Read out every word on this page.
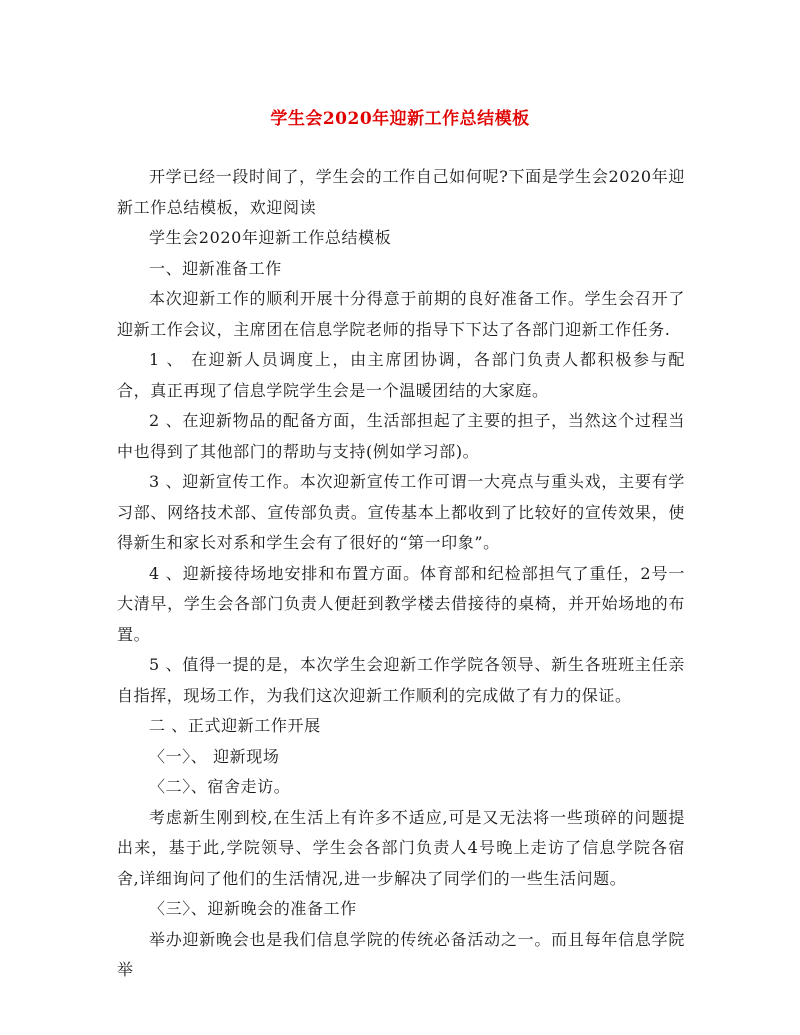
学生会2020年迎新工作总结模板

开学已经一段时间了，学生会的工作自己如何呢?下面是学生会2020年迎新工作总结模板，欢迎阅读

学生会2020年迎新工作总结模板

一、迎新准备工作

本次迎新工作的顺利开展十分得意于前期的良好准备工作。学生会召开了迎新工作会议，主席团在信息学院老师的指导下下达了各部门迎新工作任务.

1 、 在迎新人员调度上，由主席团协调，各部门负责人都积极参与配合，真正再现了信息学院学生会是一个温暖团结的大家庭。

2 、在迎新物品的配备方面，生活部担起了主要的担子，当然这个过程当中也得到了其他部门的帮助与支持(例如学习部)。

3 、迎新宣传工作。本次迎新宣传工作可谓一大亮点与重头戏，主要有学习部、网络技术部、宣传部负责。宣传基本上都收到了比较好的宣传效果，使得新生和家长对系和学生会有了很好的“第一印象”。

4 、迎新接待场地安排和布置方面。体育部和纪检部担气了重任，2号一大清早，学生会各部门负责人便赶到教学楼去借接待的桌椅，并开始场地的布置。

5 、值得一提的是，本次学生会迎新工作学院各领导、新生各班班主任亲自指挥，现场工作，为我们这次迎新工作顺利的完成做了有力的保证。

二 、正式迎新工作开展

〈一〉、 迎新现场

〈二〉、宿舍走访。

考虑新生刚到校,在生活上有许多不适应,可是又无法将一些琐碎的问题提出来，基于此,学院领导、学生会各部门负责人4号晚上走访了信息学院各宿舍,详细询问了他们的生活情况,进一步解决了同学们的一些生活问题。

〈三〉、迎新晚会的准备工作

举办迎新晚会也是我们信息学院的传统必备活动之一。而且每年信息学院举
